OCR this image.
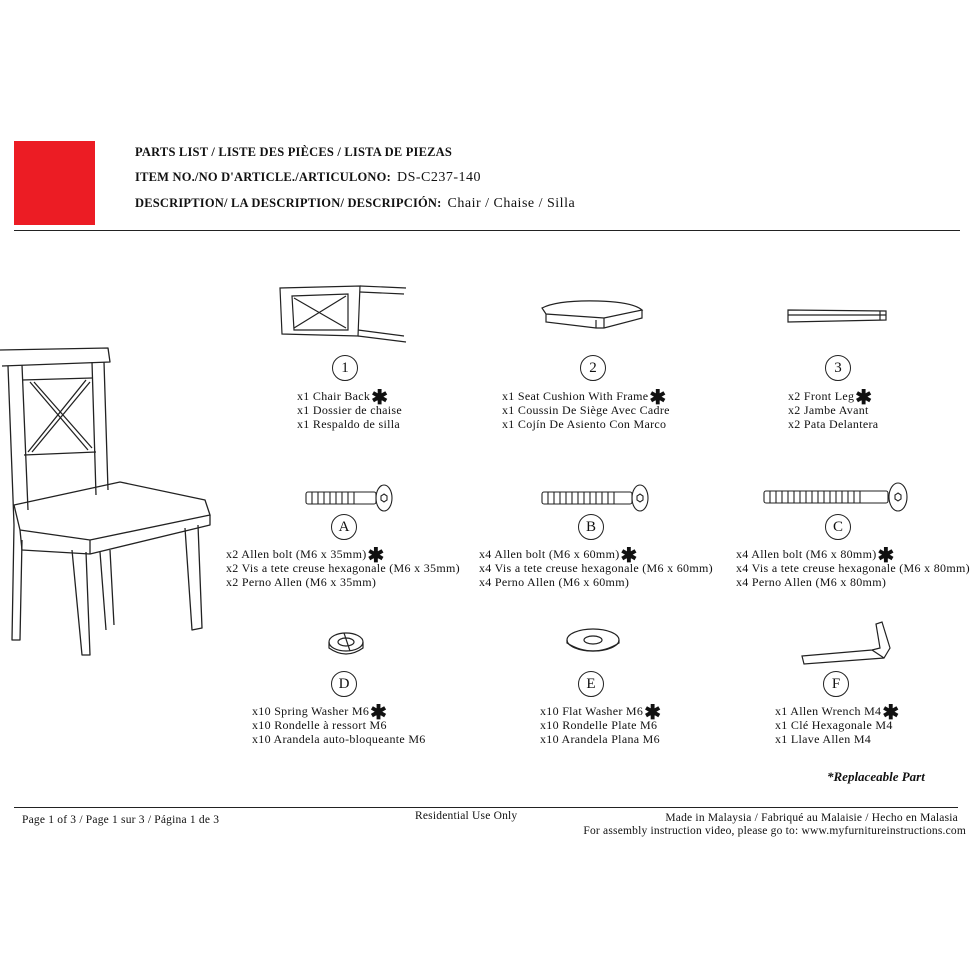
PARTS LIST / LISTE DES PIÈCES / LISTA DE PIEZAS
ITEM NO./NO D'ARTICLE./ARTICULONO: DS-C237-140
DESCRIPTION/ LA DESCRIPTION/ DESCRIPCIÓN: Chair / Chaise / Silla
1
x1 Chair Back✱
x1 Dossier de chaise
x1 Respaldo de silla
2
x1 Seat Cushion With Frame✱
x1 Coussin De Siège Avec Cadre
x1 Cojín De Asiento Con Marco
3
x2 Front Leg✱
x2 Jambe Avant
x2 Pata Delantera
A
x2 Allen bolt (M6 x 35mm)✱
x2 Vis a tete creuse hexagonale (M6 x 35mm)
x2 Perno Allen (M6 x 35mm)
B
x4 Allen bolt (M6 x 60mm)✱
x4 Vis a tete creuse hexagonale (M6 x 60mm)
x4 Perno Allen (M6 x 60mm)
C
x4 Allen bolt (M6 x 80mm)✱
x4 Vis a tete creuse hexagonale (M6 x 80mm)
x4 Perno Allen (M6 x 80mm)
D
x10 Spring Washer M6✱
x10 Rondelle à ressort M6
x10 Arandela auto-bloqueante M6
E
x10 Flat Washer M6✱
x10 Rondelle Plate M6
x10 Arandela Plana M6
F
x1 Allen Wrench M4✱
x1 Clé Hexagonale M4
x1 Llave Allen M4
*Replaceable Part
Page 1 of 3 / Page 1 sur 3 / Página 1 de 3	Residential Use Only	Made in Malaysia / Fabriqué au Malaisie / Hecho en Malasia
For assembly instruction video, please go to: www.myfurnitureinstructions.com
